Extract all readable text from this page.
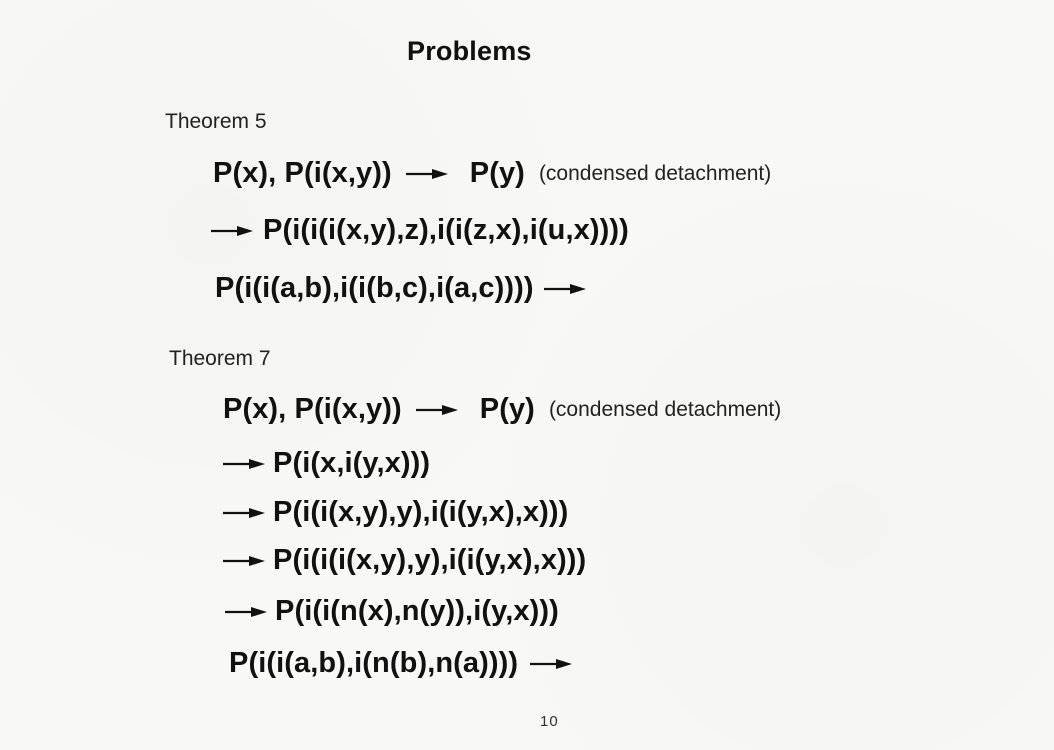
Problems
Theorem 5
P(x), P(i(x,y))	P(y) (condensed detachment)
P(i(i(i(x,y),z),i(i(z,x),i(u,x))))
P(i(i(a,b),i(i(b,c),i(a,c))))
Theorem 7
P(x), P(i(x,y))	P(y) (condensed detachment)
P(i(x,i(y,x)))
P(i(i(x,y),y),i(i(y,x),x)))
P(i(i(i(x,y),y),i(i(y,x),x)))
P(i(i(n(x),n(y)),i(y,x)))
P(i(i(a,b),i(n(b),n(a))))
10
